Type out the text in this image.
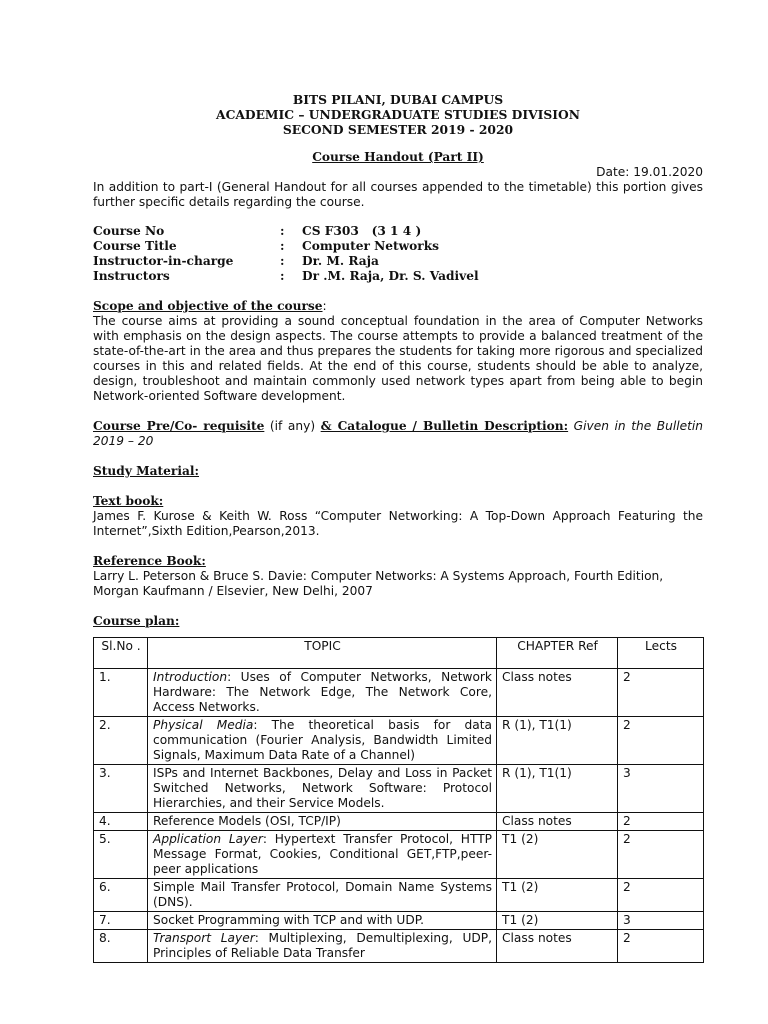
BITS PILANI, DUBAI CAMPUS
ACADEMIC – UNDERGRADUATE STUDIES DIVISION
SECOND SEMESTER 2019 - 2020
Course Handout (Part II)
Date: 19.01.2020
In addition to part-I (General Handout for all courses appended to the timetable) this portion gives further specific details regarding the course.
Course No	:	CS F303   (3 1 4 )
Course Title	:	Computer Networks
Instructor-in-charge	:	Dr. M. Raja
Instructors	:	Dr .M. Raja, Dr. S. Vadivel
Scope and objective of the course:
The course aims at providing a sound conceptual foundation in the area of Computer Networks with emphasis on the design aspects. The course attempts to provide a balanced treatment of the state-of-the-art in the area and thus prepares the students for taking more rigorous and specialized courses in this and related fields. At the end of this course, students should be able to analyze, design, troubleshoot and maintain commonly used network types apart from being able to begin Network-oriented Software development.
Course Pre/Co- requisite (if any) & Catalogue / Bulletin Description: Given in the Bulletin 2019 – 20
Study Material:
Text book:
James F. Kurose & Keith W. Ross “Computer Networking: A Top-Down Approach Featuring the Internet”,Sixth Edition,Pearson,2013.
Reference Book:
Larry L. Peterson & Bruce S. Davie: Computer Networks: A Systems Approach, Fourth Edition, Morgan Kaufmann / Elsevier, New Delhi, 2007
Course plan:
Sl.No .	TOPIC	CHAPTER Ref	Lects
1.	Introduction: Uses of Computer Networks, Network Hardware: The Network Edge, The Network Core, Access Networks.	Class notes	2
2.	Physical Media: The theoretical basis for data communication (Fourier Analysis, Bandwidth Limited Signals, Maximum Data Rate of a Channel)	R (1), T1(1)	2
3.	ISPs and Internet Backbones, Delay and Loss in Packet Switched Networks, Network Software: Protocol Hierarchies, and their Service Models.	R (1), T1(1)	3
4.	Reference Models (OSI, TCP/IP)	Class notes	2
5.	Application Layer: Hypertext Transfer Protocol, HTTP Message Format, Cookies, Conditional GET,FTP,peer-peer applications	T1 (2)	2
6.	Simple Mail Transfer Protocol, Domain Name Systems (DNS).	T1 (2)	2
7.	Socket Programming with TCP and with UDP.	T1 (2)	3
8.	Transport Layer: Multiplexing, Demultiplexing, UDP, Principles of Reliable Data Transfer	Class notes	2
